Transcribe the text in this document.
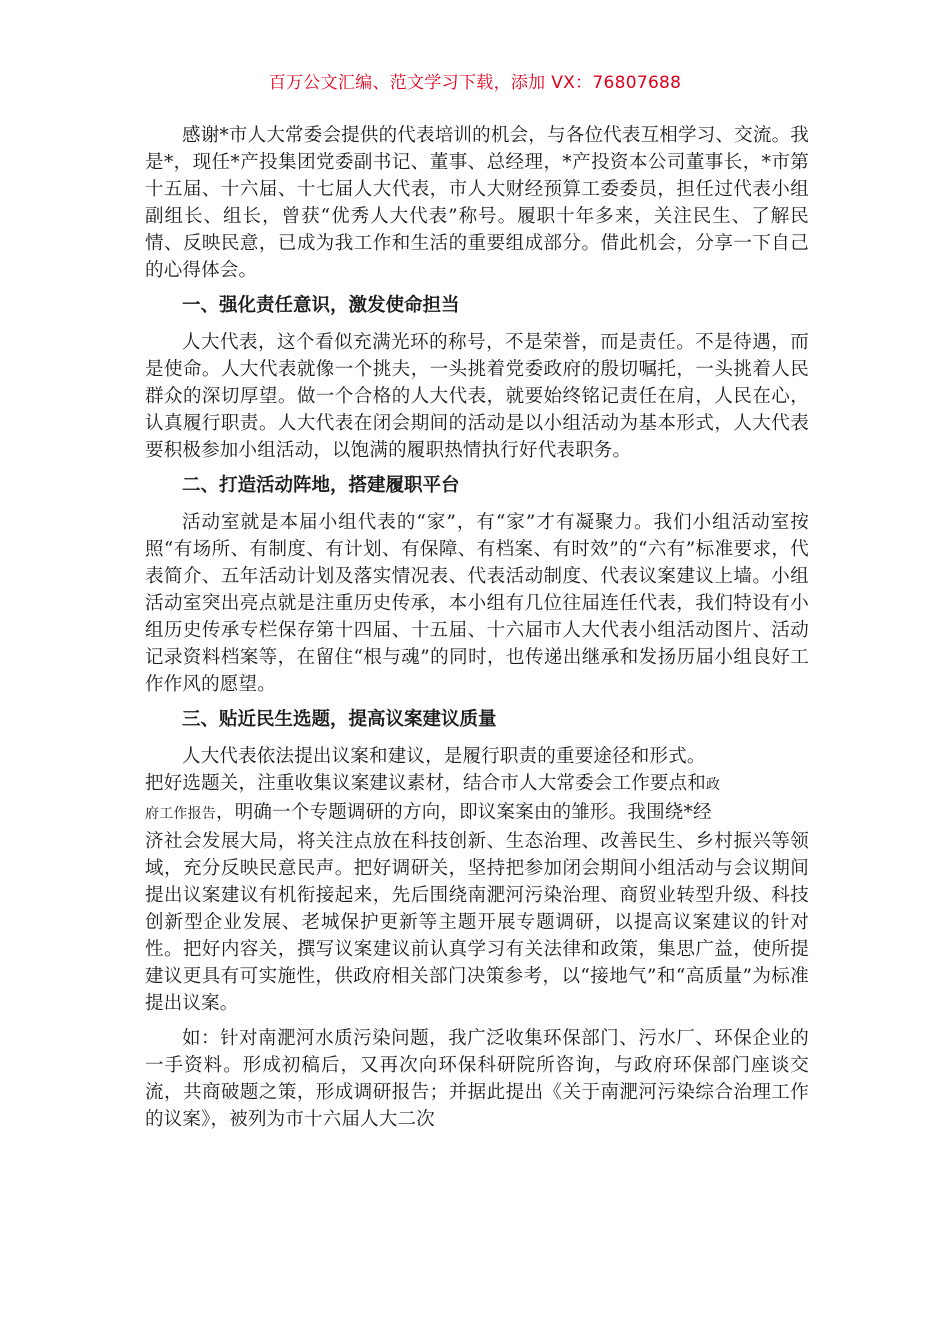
百万公文汇编、范文学习下载，添加 VX：76807688

感谢*市人大常委会提供的代表培训的机会，与各位代表互相学习、交流。我是*，现任*产投集团党委副书记、董事、总经理，*产投资本公司董事长，*市第十五届、十六届、十七届人大代表，市人大财经预算工委委员，担任过代表小组副组长、组长，曾获“优秀人大代表”称号。履职十年多来，关注民生、了解民情、反映民意，已成为我工作和生活的重要组成部分。借此机会，分享一下自己的心得体会。

一、强化责任意识，激发使命担当

人大代表，这个看似充满光环的称号，不是荣誉，而是责任。不是待遇，而是使命。人大代表就像一个挑夫，一头挑着党委政府的殷切嘱托，一头挑着人民群众的深切厚望。做一个合格的人大代表，就要始终铭记责任在肩，人民在心，认真履行职责。人大代表在闭会期间的活动是以小组活动为基本形式，人大代表要积极参加小组活动，以饱满的履职热情执行好代表职务。

二、打造活动阵地，搭建履职平台

活动室就是本届小组代表的“家”，有“家”才有凝聚力。我们小组活动室按照“有场所、有制度、有计划、有保障、有档案、有时效”的“六有”标准要求，代表简介、五年活动计划及落实情况表、代表活动制度、代表议案建议上墙。小组活动室突出亮点就是注重历史传承，本小组有几位往届连任代表，我们特设有小组历史传承专栏保存第十四届、十五届、十六届市人大代表小组活动图片、活动记录资料档案等，在留住“根与魂”的同时，也传递出继承和发扬历届小组良好工作作风的愿望。

三、贴近民生选题，提高议案建议质量

人大代表依法提出议案和建议，是履行职责的重要途径和形式。

把好选题关，注重收集议案建议素材，结合市人大常委会工作要点和政

府工作报告，明确一个专题调研的方向，即议案案由的雏形。我围绕*经

济社会发展大局，将关注点放在科技创新、生态治理、改善民生、乡村振兴等领域，充分反映民意民声。把好调研关，坚持把参加闭会期间小组活动与会议期间提出议案建议有机衔接起来，先后围绕南淝河污染治理、商贸业转型升级、科技创新型企业发展、老城保护更新等主题开展专题调研，以提高议案建议的针对性。把好内容关，撰写议案建议前认真学习有关法律和政策，集思广益，使所提建议更具有可实施性，供政府相关部门决策参考，以“接地气”和“高质量”为标准提出议案。

如：针对南淝河水质污染问题，我广泛收集环保部门、污水厂、环保企业的一手资料。形成初稿后，又再次向环保科研院所咨询，与政府环保部门座谈交流，共商破题之策，形成调研报告；并据此提出《关于南淝河污染综合治理工作的议案》，被列为市十六届人大二次
